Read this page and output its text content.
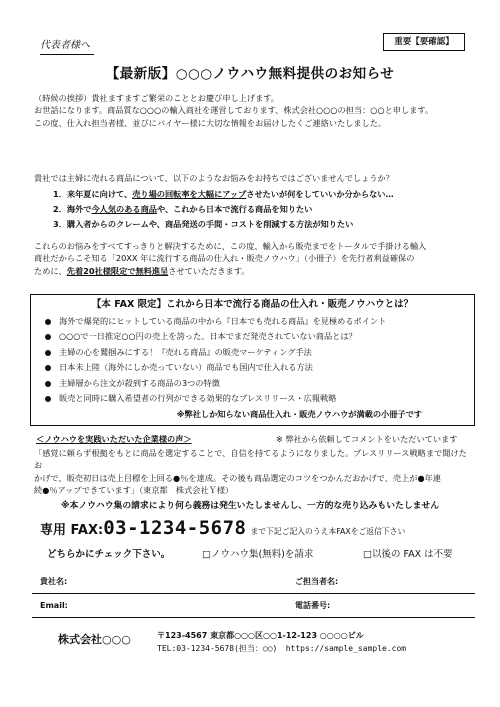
代表者様へ	重要【要確認】
【最新版】○○○ノウハウ無料提供のお知らせ

（時候の挨拶）貴社ますますご繁栄のこととお慶び申し上げます。

お世話になります。商品質な○○○の輸入商社を運営しております、株式会社○○○の担当：○○と申します。

この度、仕入れ担当者様、並びにバイヤー様に大切な情報をお届けしたくご連絡いたしました。

貴社では主婦に売れる商品について、以下のようなお悩みをお持ちではございませんでしょうか？
1．来年夏に向けて、売り場の回転率を大幅にアップさせたいが何をしていいか分からない…
2．海外で今人気のある商品や、これから日本で流行る商品を知りたい
3．購入者からのクレームや、商品発送の手間・コストを削減する方法が知りたい
これらのお悩みをすべてすっきりと解決するために、この度、輸入から販売までをトータルで手掛ける輸入
商社だからこそ知る「20XX 年に流行する商品の仕入れ・販売ノウハウ」（小冊子）を先行者利益確保の
ために、先着20社様限定で無料進呈させていただきます。
【本 FAX 限定】これから日本で流行る商品の仕入れ・販売ノウハウとは？
海外で爆発的にヒットしている商品の中から『日本でも売れる商品』を見極めるポイント
○○○で一日推定○○円の売上を誇った、日本でまだ発売されていない商品とは？
主婦の心を鷲掴みにする！『売れる商品』の販売マーケティング手法
日本未上陸（海外にしか売っていない）商品でも国内で仕入れる方法
主婦層から注文が殺到する商品の3つの特徴
販売と同時に購入希望者の行列ができる効果的なプレスリリース・広報戦略
※弊社しか知らない商品仕入れ・販売ノウハウが満載の小冊子です
＜ノウハウを実践いただいた企業様の声＞	※ 弊社から依頼してコメントをいただいています
「感覚に頼らず根拠をもとに商品を選定することで、自信を持てるようになりました。プレスリリース戦略まで聞けたお
かげで、販売初日は売上目標を上回る●％を達成。その後も商品選定のコツをつかんだおかげで、売上が●年連
続●％アップできています」（東京都　株式会社Ｙ様）
※本ノウハウ集の請求により何ら義務は発生いたしませんし、一方的な売り込みもいたしません
専用 FAX:03-1234-5678 まで下記ご記入のうえ本FAXをご返信下さい
どちらかにチェック下さい。	□ノウハウ集(無料)を請求	□以後の FAX は不要
貴社名:	ご担当者名:
Email:	電話番号:
株式会社○○○	〒123-4567 東京都○○○区○○1-12-123 ○○○○ビル
TEL:03-1234-5678(担当：○○) https://sample_sample.com
